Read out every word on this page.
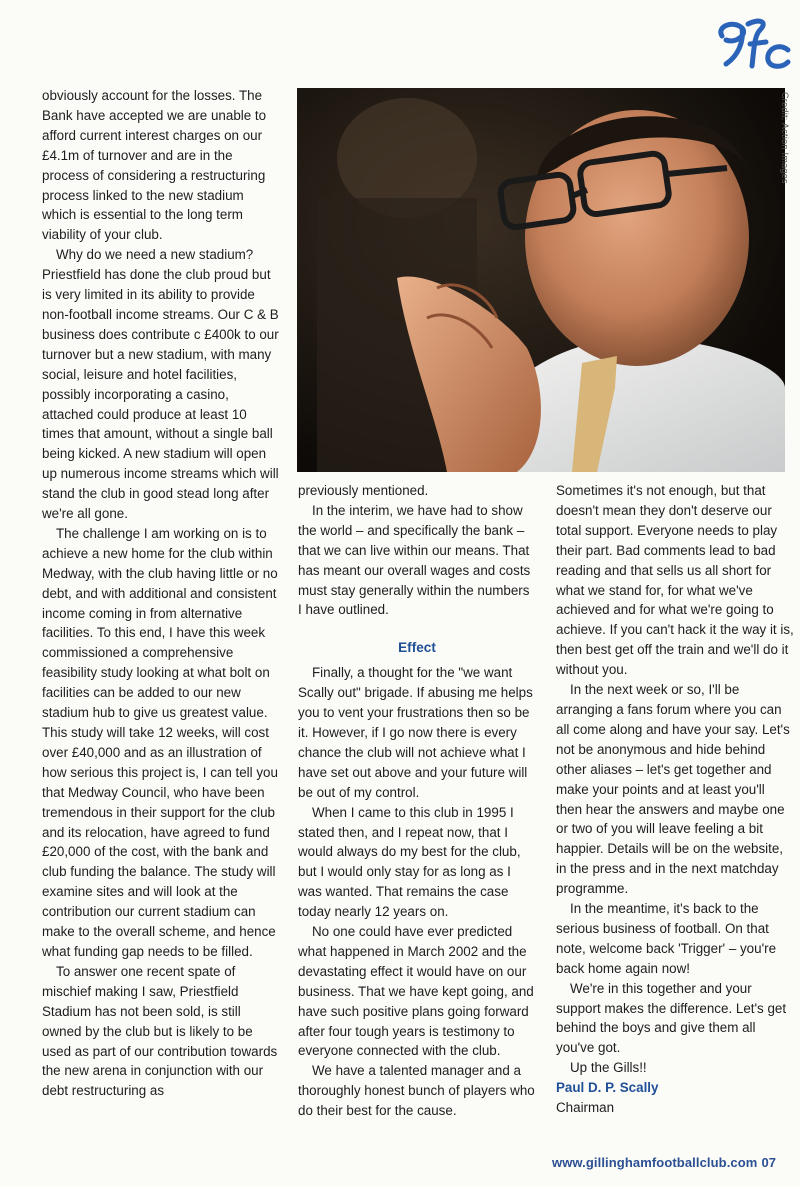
Credit: Action Images

obviously account for the losses. The Bank have accepted we are unable to afford current interest charges on our £4.1m of turnover and are in the process of considering a restructuring process linked to the new stadium which is essential to the long term viability of your club.

Why do we need a new stadium? Priestfield has done the club proud but is very limited in its ability to provide non-football income streams. Our C & B business does contribute c £400k to our turnover but a new stadium, with many social, leisure and hotel facilities, possibly incorporating a casino, attached could produce at least 10 times that amount, without a single ball being kicked. A new stadium will open up numerous income streams which will stand the club in good stead long after we're all gone.

The challenge I am working on is to achieve a new home for the club within Medway, with the club having little or no debt, and with additional and consistent income coming in from alternative facilities. To this end, I have this week commissioned a comprehensive feasibility study looking at what bolt on facilities can be added to our new stadium hub to give us greatest value. This study will take 12 weeks, will cost over £40,000 and as an illustration of how serious this project is, I can tell you that Medway Council, who have been tremendous in their support for the club and its relocation, have agreed to fund £20,000 of the cost, with the bank and club funding the balance. The study will examine sites and will look at the contribution our current stadium can make to the overall scheme, and hence what funding gap needs to be filled.

To answer one recent spate of mischief making I saw, Priestfield Stadium has not been sold, is still owned by the club but is likely to be used as part of our contribution towards the new arena in conjunction with our debt restructuring as

previously mentioned.

In the interim, we have had to show the world – and specifically the bank – that we can live within our means. That has meant our overall wages and costs must stay generally within the numbers I have outlined.

Effect

Finally, a thought for the "we want Scally out" brigade. If abusing me helps you to vent your frustrations then so be it. However, if I go now there is every chance the club will not achieve what I have set out above and your future will be out of my control.

When I came to this club in 1995 I stated then, and I repeat now, that I would always do my best for the club, but I would only stay for as long as I was wanted. That remains the case today nearly 12 years on.

No one could have ever predicted what happened in March 2002 and the devastating effect it would have on our business. That we have kept going, and have such positive plans going forward after four tough years is testimony to everyone connected with the club.

We have a talented manager and a thoroughly honest bunch of players who do their best for the cause.

Sometimes it's not enough, but that doesn't mean they don't deserve our total support. Everyone needs to play their part. Bad comments lead to bad reading and that sells us all short for what we stand for, for what we've achieved and for what we're going to achieve. If you can't hack it the way it is, then best get off the train and we'll do it without you.

In the next week or so, I'll be arranging a fans forum where you can all come along and have your say. Let's not be anonymous and hide behind other aliases – let's get together and make your points and at least you'll then hear the answers and maybe one or two of you will leave feeling a bit happier. Details will be on the website, in the press and in the next matchday programme.

In the meantime, it's back to the serious business of football. On that note, welcome back 'Trigger' – you're back home again now!

We're in this together and your support makes the difference. Let's get behind the boys and give them all you've got.

Up the Gills!!

Paul D. P. Scally

Chairman

www.gillinghamfootballclub.com 07
